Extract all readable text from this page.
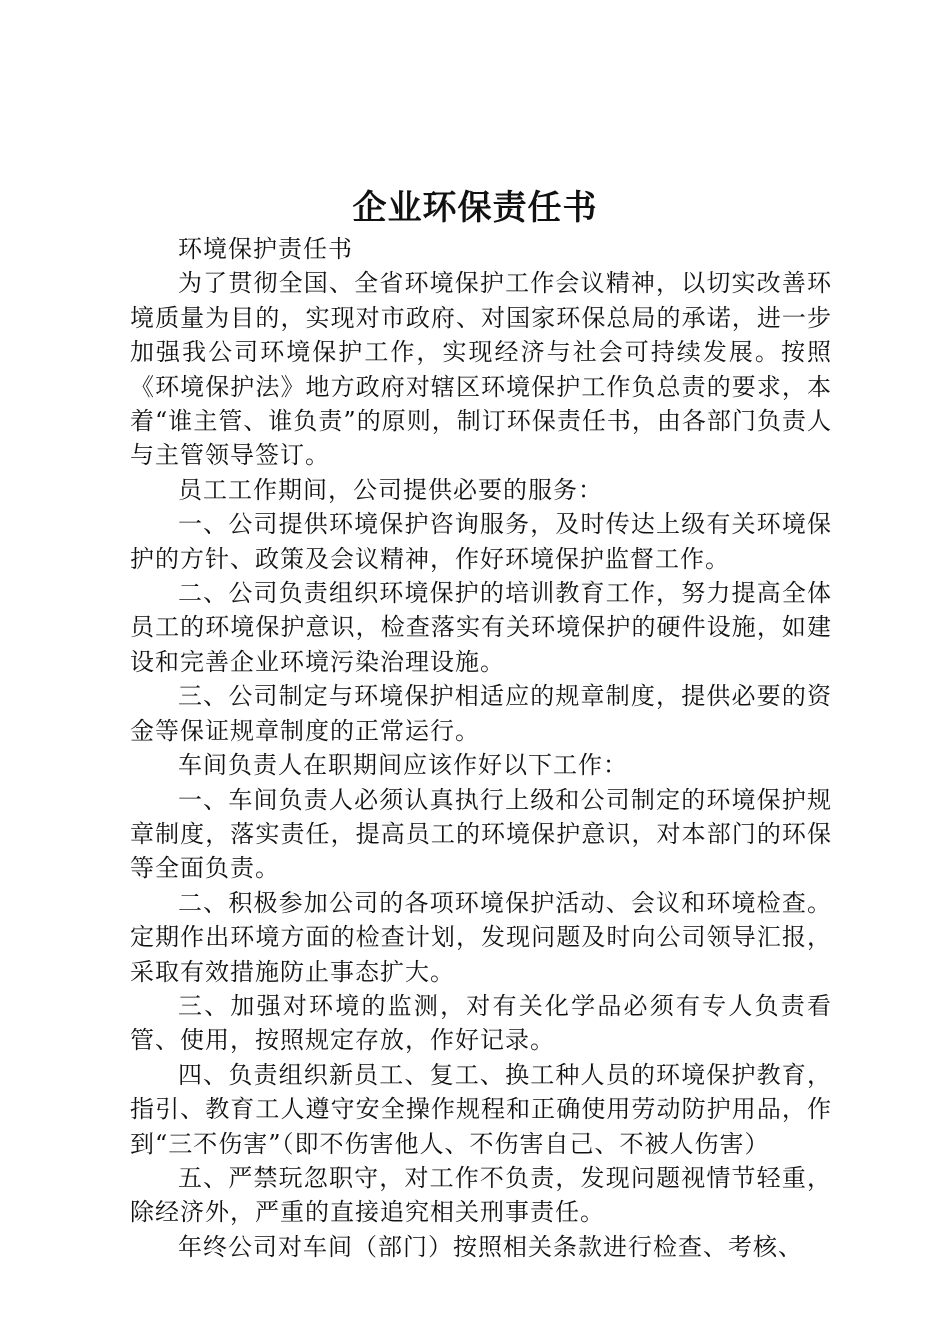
企业环保责任书

环境保护责任书

为了贯彻全国、全省环境保护工作会议精神，以切实改善环境质量为目的，实现对市政府、对国家环保总局的承诺，进一步加强我公司环境保护工作，实现经济与社会可持续发展。按照《环境保护法》地方政府对辖区环境保护工作负总责的要求，本着“谁主管、谁负责”的原则，制订环保责任书，由各部门负责人与主管领导签订。

员工工作期间，公司提供必要的服务：

一、公司提供环境保护咨询服务，及时传达上级有关环境保护的方针、政策及会议精神，作好环境保护监督工作。

二、公司负责组织环境保护的培训教育工作，努力提高全体员工的环境保护意识，检查落实有关环境保护的硬件设施，如建设和完善企业环境污染治理设施。

三、公司制定与环境保护相适应的规章制度，提供必要的资金等保证规章制度的正常运行。

车间负责人在职期间应该作好以下工作：

一、车间负责人必须认真执行上级和公司制定的环境保护规章制度，落实责任，提高员工的环境保护意识，对本部门的环保等全面负责。

二、积极参加公司的各项环境保护活动、会议和环境检查。定期作出环境方面的检查计划，发现问题及时向公司领导汇报，采取有效措施防止事态扩大。

三、加强对环境的监测，对有关化学品必须有专人负责看管、使用，按照规定存放，作好记录。

四、负责组织新员工、复工、换工种人员的环境保护教育，指引、教育工人遵守安全操作规程和正确使用劳动防护用品，作到“三不伤害”（即不伤害他人、不伤害自己、不被人伤害）

五、严禁玩忽职守，对工作不负责，发现问题视情节轻重，除经济外，严重的直接追究相关刑事责任。

年终公司对车间（部门）按照相关条款进行检查、考核、
